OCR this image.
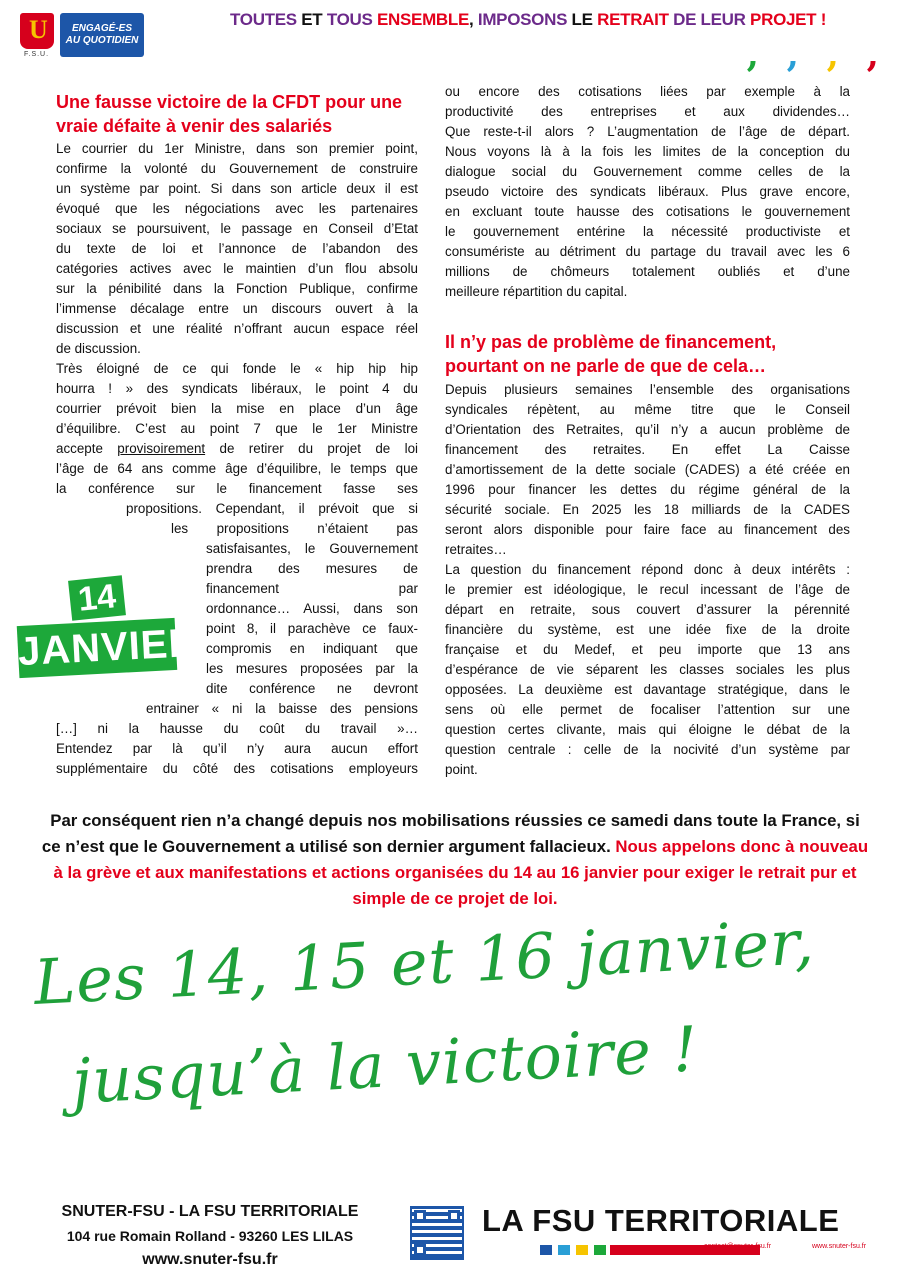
U
F.S.U.
ENGAGÉ-ES
AU QUOTIDIEN
TOUTES ET TOUS ENSEMBLE, IMPOSONS LE RETRAIT DE LEUR PROJET !
‚ ‚ ‚ ‚
Une fausse victoire de la CFDT pour une vraie défaite à venir des salariés
Le courrier du 1er Ministre, dans son premier point,
confirme la volonté du Gouvernement de construire
un système par point. Si dans son article deux il est
évoqué que les négociations avec les partenaires
sociaux se poursuivent, le passage en Conseil d’Etat
du texte de loi et l’annonce de l’abandon des
catégories actives avec le maintien d’un flou absolu
sur la pénibilité dans la Fonction Publique, confirme
l’immense décalage entre un discours ouvert à la
discussion et une réalité n’offrant aucun espace réel
de discussion.
Très éloigné de ce qui fonde le « hip hip hip
hourra ! » des syndicats libéraux, le point 4 du
courrier prévoit bien la mise en place d’un âge
d’équilibre. C’est au point 7 que le 1er Ministre
accepte provisoirement de retirer du projet de loi
l’âge de 64 ans comme âge d’équilibre, le temps que
la conférence sur le financement fasse ses
propositions. Cependant, il prévoit que si
les propositions n’étaient pas
satisfaisantes, le Gouvernement
prendra des mesures de
financement par
ordonnance… Aussi, dans son
point 8, il parachève ce faux-
compromis en indiquant que
les mesures proposées par la
dite conférence ne devront
entrainer « ni la baisse des pensions
[…] ni la hausse du coût du travail »…
Entendez par là qu’il n’y aura aucun effort
supplémentaire du côté des cotisations employeurs
14
JANVIER
ou encore des cotisations liées par exemple à la
productivité des entreprises et aux dividendes…
Que reste-t-il alors ? L’augmentation de l’âge de départ.
Nous voyons là à la fois les limites de la conception du
dialogue social du Gouvernement comme celles de la
pseudo victoire des syndicats libéraux. Plus grave encore,
en excluant toute hausse des cotisations le gouvernement
le gouvernement entérine la nécessité productiviste et
consumériste au détriment du partage du travail avec les 6
millions de chômeurs totalement oubliés et d’une
meilleure répartition du capital.
Il n’y pas de problème de financement, pourtant on ne parle de que de cela…
Depuis plusieurs semaines l’ensemble des organisations
syndicales répètent, au même titre que le Conseil
d’Orientation des Retraites, qu’il n’y a aucun problème de
financement des retraites. En effet La Caisse
d’amortissement de la dette sociale (CADES) a été créée en
1996 pour financer les dettes du régime général de la
sécurité sociale. En 2025 les 18 milliards de la CADES
seront alors disponible pour faire face au financement des
retraites…
La question du financement répond donc à deux intérêts :
le premier est idéologique, le recul incessant de l’âge de
départ en retraite, sous couvert d’assurer la pérennité
financière du système, est une idée fixe de la droite
française et du Medef, et peu importe que 13 ans
d’espérance de vie séparent les classes sociales les plus
opposées. La deuxième est davantage stratégique, dans le
sens où elle permet de focaliser l’attention sur une
question certes clivante, mais qui éloigne le débat de la
question centrale : celle de la nocivité d’un système par
point.
Par conséquent rien n’a changé depuis nos mobilisations réussies ce samedi dans toute la France, si ce n’est que le Gouvernement a utilisé son dernier argument fallacieux. Nous appelons donc à nouveau à la grève et aux manifestations et actions organisées du 14 au 16 janvier pour exiger le retrait pur et simple de ce projet de loi.
Les 14, 15 et 16 janvier,
jusqu’à la victoire !
SNUTER-FSU - LA FSU TERRITORIALE
104 rue Romain Rolland - 93260 LES LILAS
www.snuter-fsu.fr
LA FSU TERRITORIALE
contact@snuter-fsu.fr	www.snuter-fsu.fr
